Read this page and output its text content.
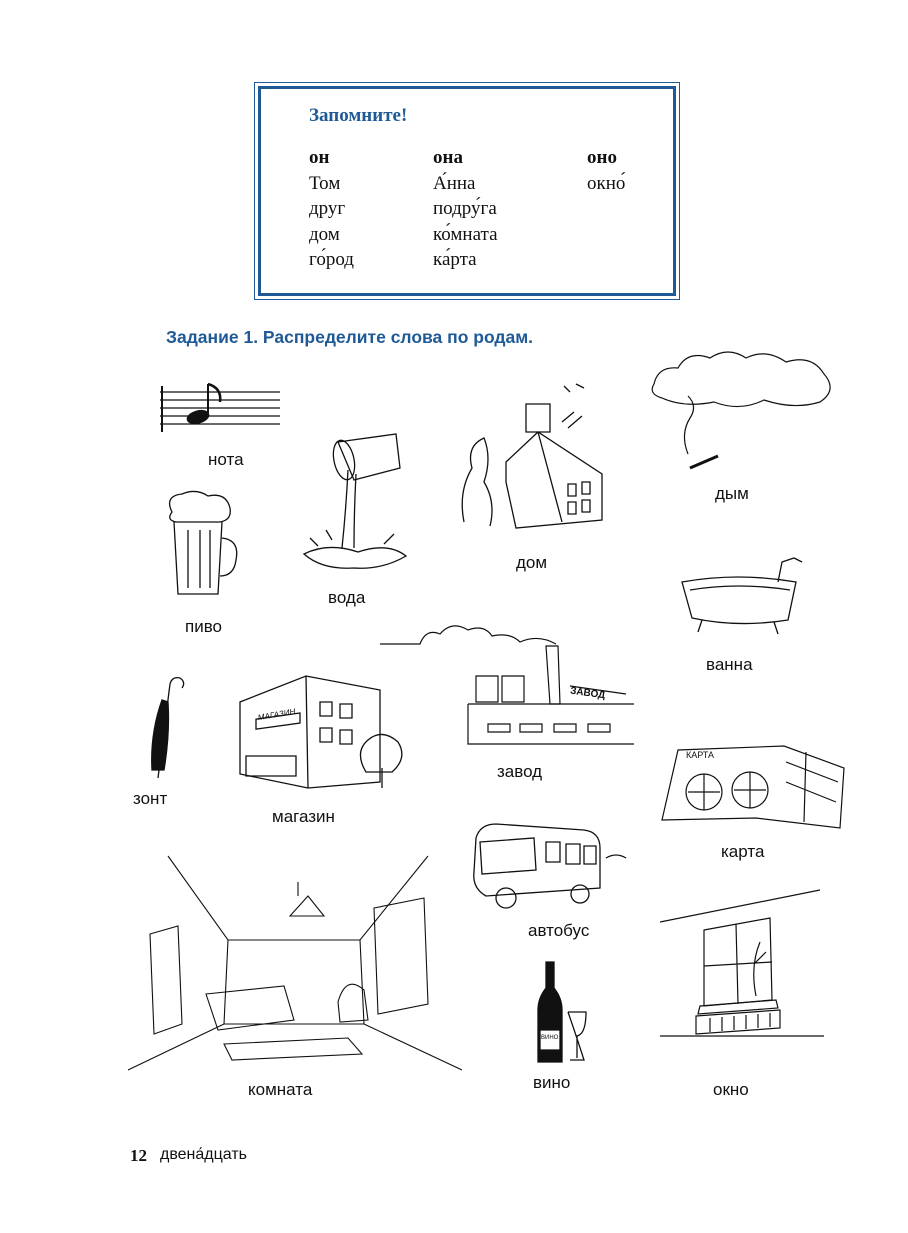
Запомните!
он
Том
друг
дом
го́род
она
А́нна
подру́га
ко́мната
ка́рта
оно
окно́
Задание 1. Распределите слова по родам.
нота
вода
дом
дым
пиво
ванна
зонт
МАГАЗИН
магазин
ЗАВОД
завод
КАРТА
карта
автобус
комната
ВИНО
вино	окно
12 двена́дцать
